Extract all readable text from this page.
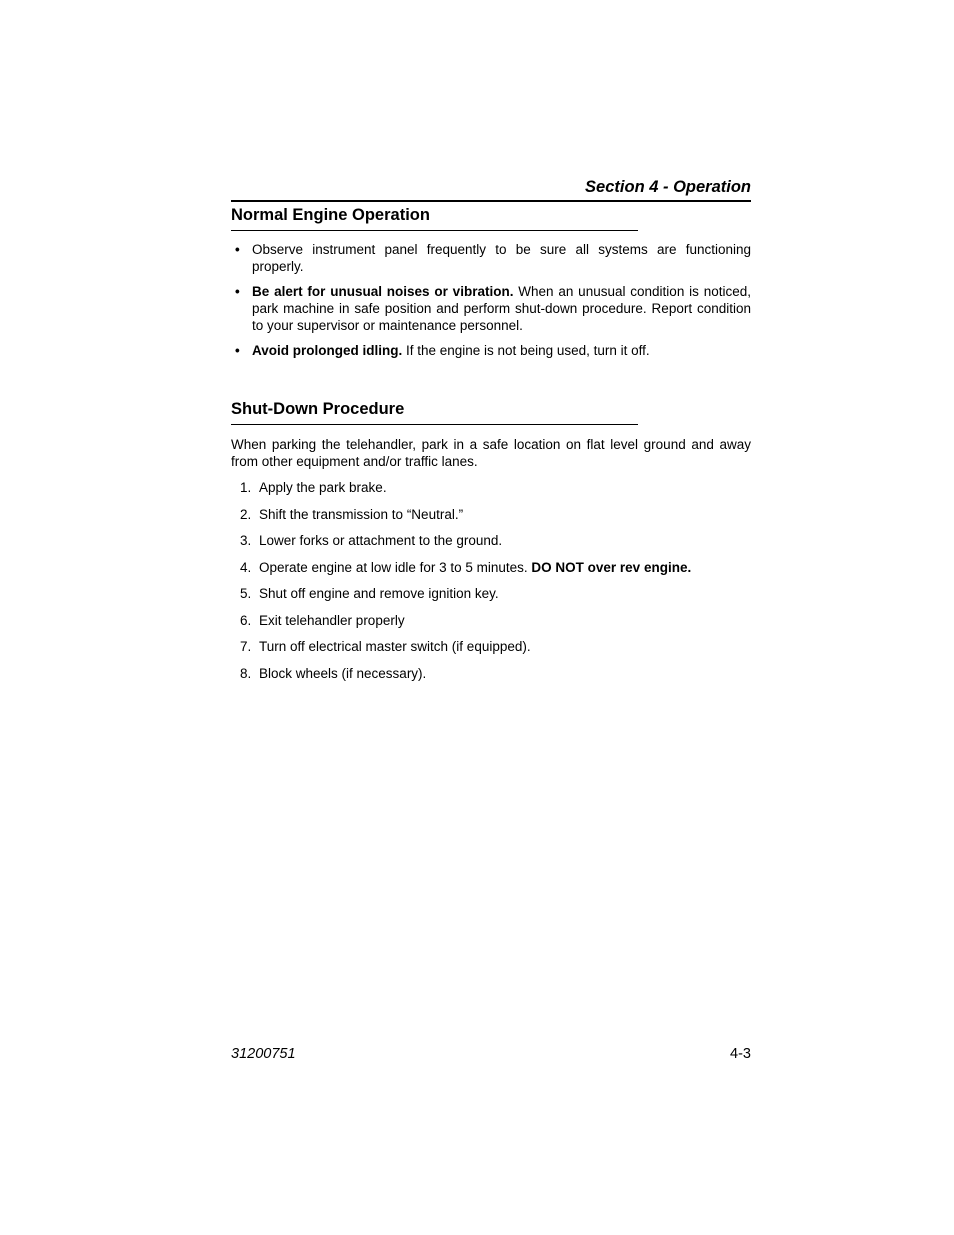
Section 4 - Operation
Normal Engine Operation
• Observe instrument panel frequently to be sure all systems are functioning properly.
• Be alert for unusual noises or vibration. When an unusual condition is noticed, park machine in safe position and perform shut-down procedure. Report condition to your supervisor or maintenance personnel.
• Avoid prolonged idling. If the engine is not being used, turn it off.
Shut-Down Procedure

When parking the telehandler, park in a safe location on flat level ground and away from other equipment and/or traffic lanes.

1. Apply the park brake.
2. Shift the transmission to “Neutral.”
3. Lower forks or attachment to the ground.
4. Operate engine at low idle for 3 to 5 minutes. DO NOT over rev engine.
5. Shut off engine and remove ignition key.
6. Exit telehandler properly
7. Turn off electrical master switch (if equipped).
8. Block wheels (if necessary).
31200751	4-3
